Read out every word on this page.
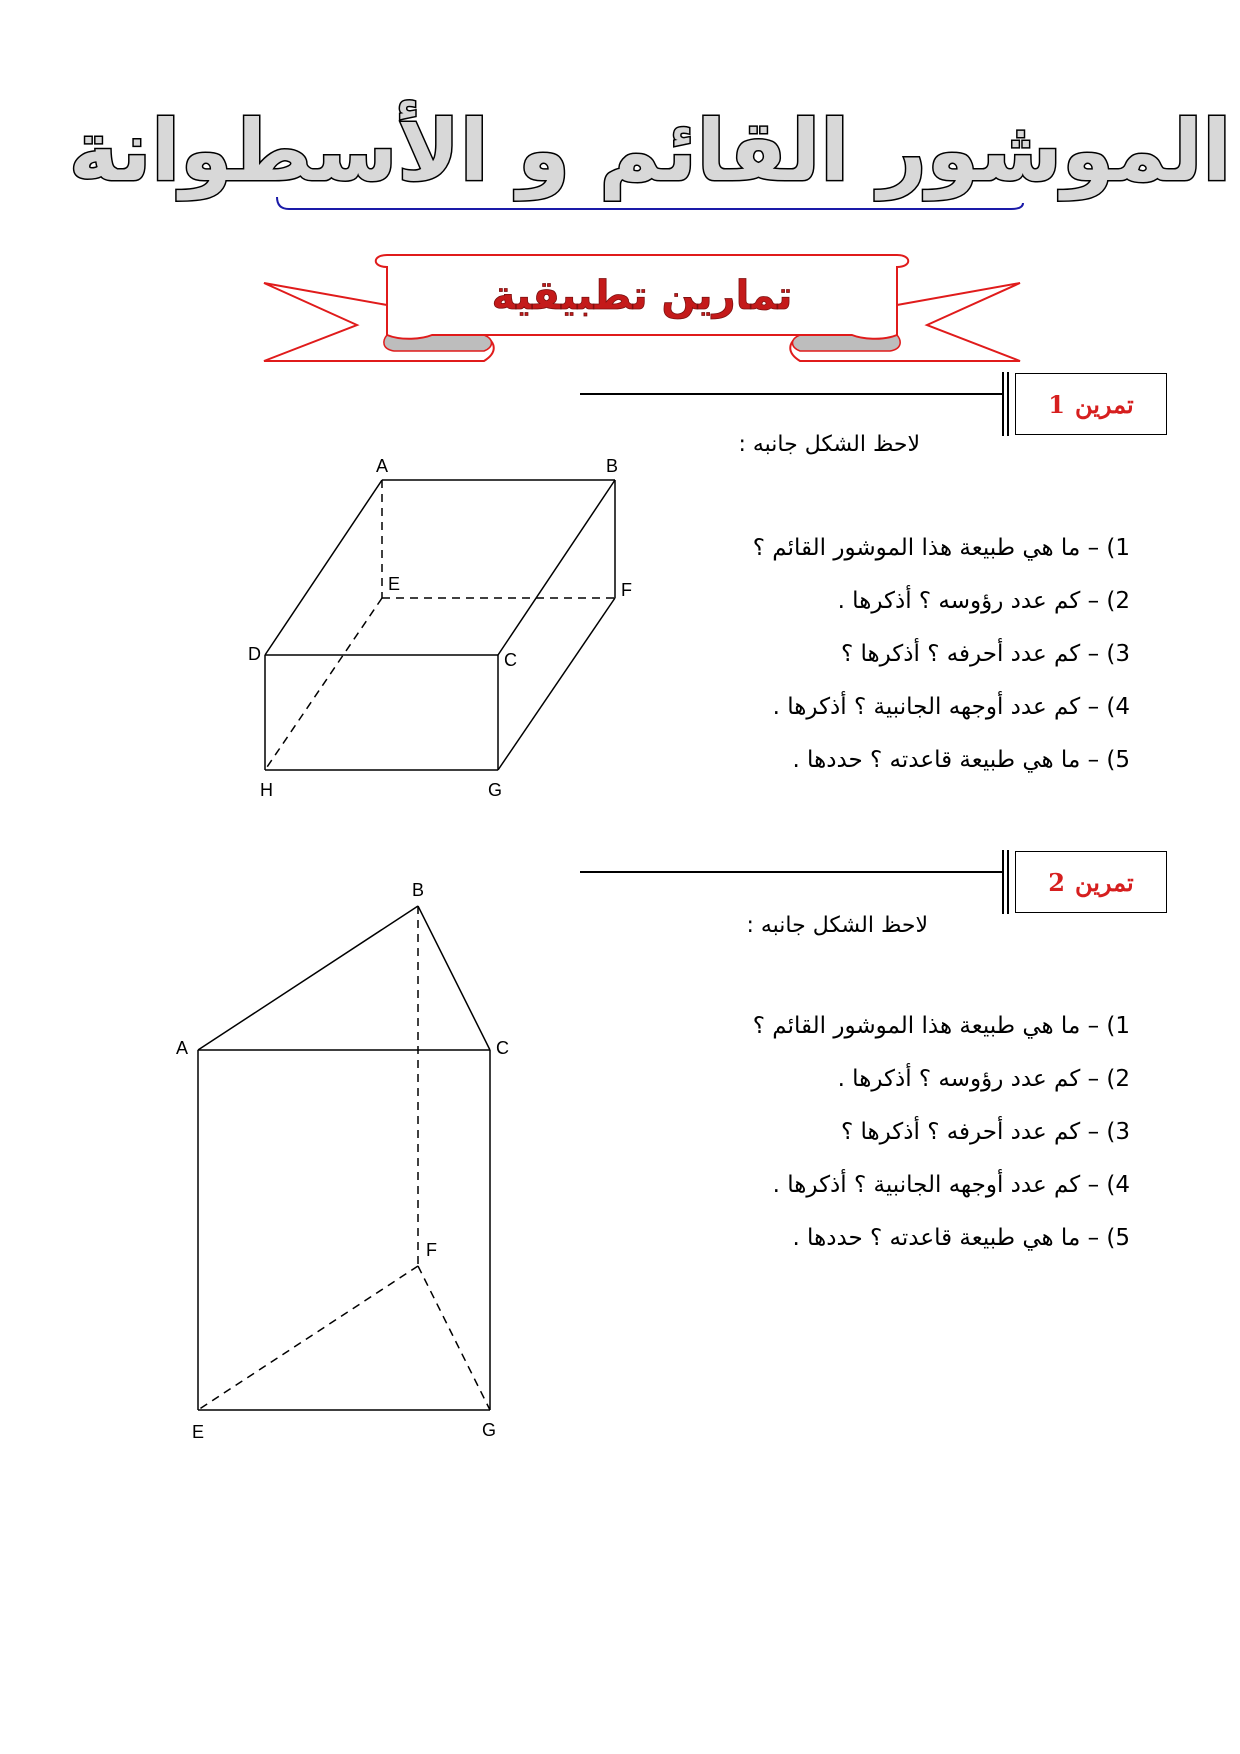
الموشور القائم و الأسطوانة
تمارين تطبيقية
تمرين
1
لاحظ الشكل جانبه :
1) – ما هي طبيعة هذا الموشور القائم ؟
2) – كم عدد رؤوسه ؟ أذكرها .
3) – كم عدد أحرفه ؟ أذكرها ؟
4) – كم عدد أوجهه الجانبية ؟ أذكرها .
5) – ما هي طبيعة قاعدته ؟ حددها .
A	B
E	F
D	C
H	G
تمرين
2
لاحظ الشكل جانبه :
1) – ما هي طبيعة هذا الموشور القائم ؟
2) – كم عدد رؤوسه ؟ أذكرها .
3) – كم عدد أحرفه ؟ أذكرها ؟
4) – كم عدد أوجهه الجانبية ؟ أذكرها .
5) – ما هي طبيعة قاعدته ؟ حددها .
B
A	C
F
E	G
